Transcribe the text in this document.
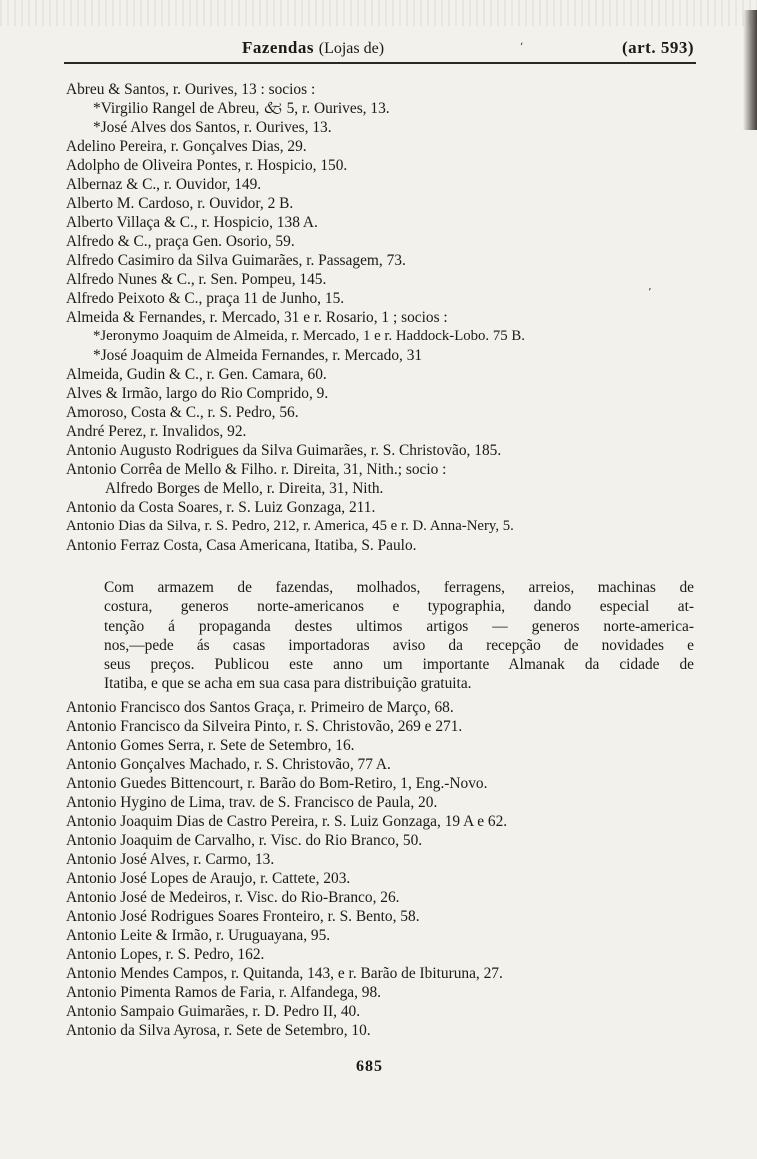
ʻ
ʼ
Fazendas (Lojas de)	(art. 593)
Abreu & Santos, r. Ourives, 13 : socios :
*Virgilio Rangel de Abreu, 🙵 5, r. Ourives, 13.
*José Alves dos Santos, r. Ourives, 13.
Adelino Pereira, r. Gonçalves Dias, 29.
Adolpho de Oliveira Pontes, r. Hospicio, 150.
Albernaz & C., r. Ouvidor, 149.
Alberto M. Cardoso, r. Ouvidor, 2 B.
Alberto Villaça & C., r. Hospicio, 138 A.
Alfredo & C., praça Gen. Osorio, 59.
Alfredo Casimiro da Silva Guimarães, r. Passagem, 73.
Alfredo Nunes & C., r. Sen. Pompeu, 145.
Alfredo Peixoto & C., praça 11 de Junho, 15.
Almeida & Fernandes, r. Mercado, 31 e r. Rosario, 1 ; socios :
*Jeronymo Joaquim de Almeida, r. Mercado, 1 e r. Haddock-Lobo. 75 B.
*José Joaquim de Almeida Fernandes, r. Mercado, 31
Almeida, Gudin & C., r. Gen. Camara, 60.
Alves & Irmão, largo do Rio Comprido, 9.
Amoroso, Costa & C., r. S. Pedro, 56.
André Perez, r. Invalidos, 92.
Antonio Augusto Rodrigues da Silva Guimarães, r. S. Christovão, 185.
Antonio Corrêa de Mello & Filho. r. Direita, 31, Nith.; socio :
Alfredo Borges de Mello, r. Direita, 31, Nith.
Antonio da Costa Soares, r. S. Luiz Gonzaga, 211.
Antonio Dias da Silva, r. S. Pedro, 212, r. America, 45 e r. D. Anna-Nery, 5.
Antonio Ferraz Costa, Casa Americana, Itatiba, S. Paulo.
Com armazem de fazendas, molhados, ferragens, arreios, machinas de
costura, generos norte-americanos e typographia, dando especial at-
tenção á propaganda destes ultimos artigos — generos norte-america-
nos,—pede ás casas importadoras aviso da recepção de novidades e
seus preços. Publicou este anno um importante Almanak da cidade de
Itatiba, e que se acha em sua casa para distribuição gratuita.
Antonio Francisco dos Santos Graça, r. Primeiro de Março, 68.
Antonio Francisco da Silveira Pinto, r. S. Christovão, 269 e 271.
Antonio Gomes Serra, r. Sete de Setembro, 16.
Antonio Gonçalves Machado, r. S. Christovão, 77 A.
Antonio Guedes Bittencourt, r. Barão do Bom-Retiro, 1, Eng.-Novo.
Antonio Hygino de Lima, trav. de S. Francisco de Paula, 20.
Antonio Joaquim Dias de Castro Pereira, r. S. Luiz Gonzaga, 19 A e 62.
Antonio Joaquim de Carvalho, r. Visc. do Rio Branco, 50.
Antonio José Alves, r. Carmo, 13.
Antonio José Lopes de Araujo, r. Cattete, 203.
Antonio José de Medeiros, r. Visc. do Rio-Branco, 26.
Antonio José Rodrigues Soares Fronteiro, r. S. Bento, 58.
Antonio Leite & Irmão, r. Uruguayana, 95.
Antonio Lopes, r. S. Pedro, 162.
Antonio Mendes Campos, r. Quitanda, 143, e r. Barão de Ibituruna, 27.
Antonio Pimenta Ramos de Faria, r. Alfandega, 98.
Antonio Sampaio Guimarães, r. D. Pedro II, 40.
Antonio da Silva Ayrosa, r. Sete de Setembro, 10.
685
